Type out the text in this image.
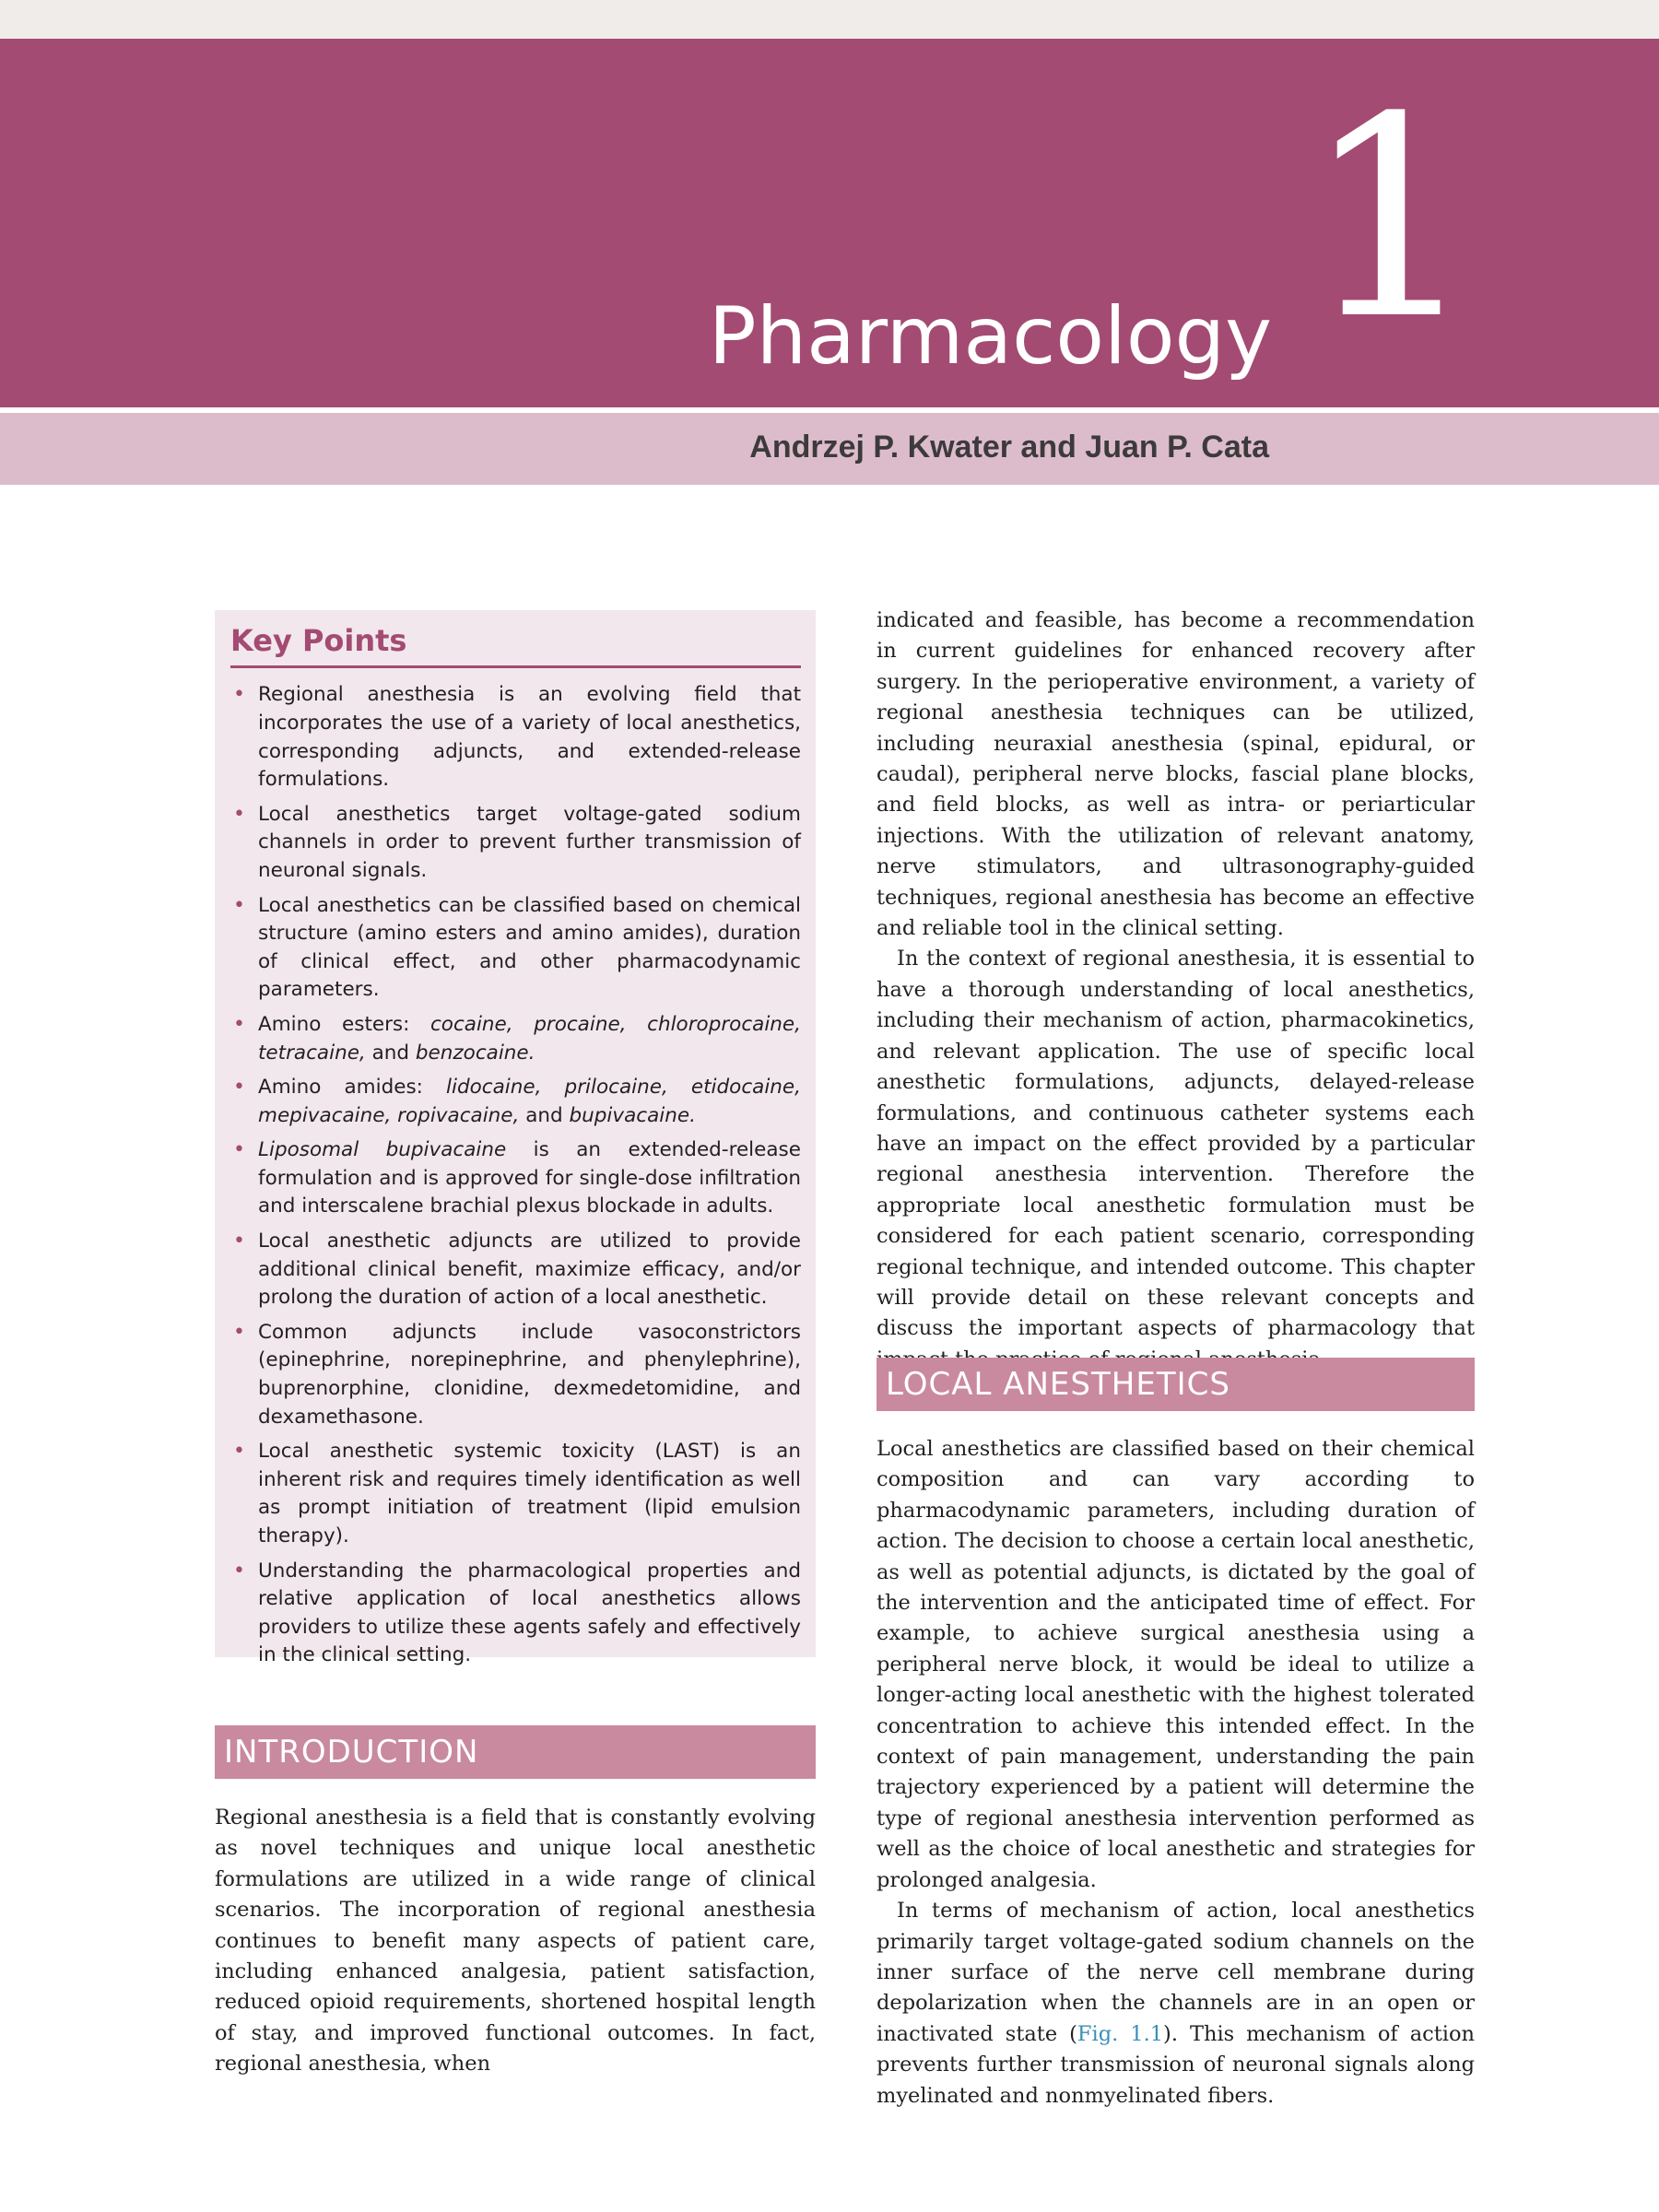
Pharmacology 1
Andrzej P. Kwater and Juan P. Cata
Key Points
• Regional anesthesia is an evolving field that incorporates the use of a variety of local anesthetics, corresponding adjuncts, and extended-release formulations.
• Local anesthetics target voltage-gated sodium channels in order to prevent further transmission of neuronal signals.
• Local anesthetics can be classified based on chemical structure (amino esters and amino amides), duration of clinical effect, and other pharmacodynamic parameters.
• Amino esters: cocaine, procaine, chloroprocaine, tetracaine, and benzocaine.
• Amino amides: lidocaine, prilocaine, etidocaine, mepivacaine, ropivacaine, and bupivacaine.
• Liposomal bupivacaine is an extended-release formulation and is approved for single-dose infiltration and interscalene brachial plexus blockade in adults.
• Local anesthetic adjuncts are utilized to provide additional clinical benefit, maximize efficacy, and/or prolong the duration of action of a local anesthetic.
• Common adjuncts include vasoconstrictors (epinephrine, norepinephrine, and phenylephrine), buprenorphine, clonidine, dexmedetomidine, and dexamethasone.
• Local anesthetic systemic toxicity (LAST) is an inherent risk and requires timely identification as well as prompt initiation of treatment (lipid emulsion therapy).
• Understanding the pharmacological properties and relative application of local anesthetics allows providers to utilize these agents safely and effectively in the clinical setting.
INTRODUCTION

Regional anesthesia is a field that is constantly evolving as novel techniques and unique local anesthetic formulations are utilized in a wide range of clinical scenarios. The incorporation of regional anesthesia continues to benefit many aspects of patient care, including enhanced analgesia, patient satisfaction, reduced opioid requirements, shortened hospital length of stay, and improved functional outcomes. In fact, regional anesthesia, when

indicated and feasible, has become a recommendation in current guidelines for enhanced recovery after surgery. In the perioperative environment, a variety of regional anesthesia techniques can be utilized, including neuraxial anesthesia (spinal, epidural, or caudal), peripheral nerve blocks, fascial plane blocks, and field blocks, as well as intra- or periarticular injections. With the utilization of relevant anatomy, nerve stimulators, and ultrasonography-guided techniques, regional anesthesia has become an effective and reliable tool in the clinical setting.

In the context of regional anesthesia, it is essential to have a thorough understanding of local anesthetics, including their mechanism of action, pharmacokinetics, and relevant application. The use of specific local anesthetic formulations, adjuncts, delayed-release formulations, and continuous catheter systems each have an impact on the effect provided by a particular regional anesthesia intervention. Therefore the appropriate local anesthetic formulation must be considered for each patient scenario, corresponding regional technique, and intended outcome. This chapter will provide detail on these relevant concepts and discuss the important aspects of pharmacology that

LOCAL ANESTHETICS

Local anesthetics are classified based on their chemical composition and can vary according to pharmacodynamic parameters, including duration of action. The decision to choose a certain local anesthetic, as well as potential adjuncts, is dictated by the goal of the intervention and the anticipated time of effect. For example, to achieve surgical anesthesia using a peripheral nerve block, it would be ideal to utilize a longer-acting local anesthetic with the highest tolerated concentration to achieve this intended effect. In the context of pain management, understanding the pain trajectory experienced by a patient will determine the type of regional anesthesia intervention performed as well as the choice of local anesthetic and strategies for prolonged analgesia.

In terms of mechanism of action, local anesthetics primarily target voltage-gated sodium channels on the inner surface of the nerve cell membrane during depolarization when the channels are in an open or inactivated state (Fig. 1.1). This mechanism of action prevents further transmission of neuronal signals along myelinated and nonmyelinated fibers.
